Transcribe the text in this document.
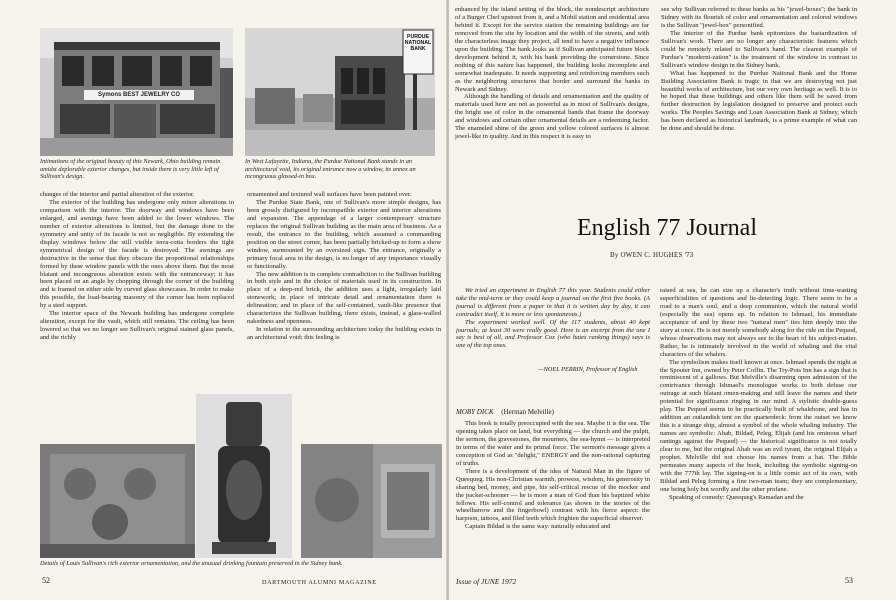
Symons BEST JEWELRY CO
Intimations of the original beauty of this Newark, Ohio building remain amidst deplorable exterior changes, but inside there is very little left of Sullivan's design.
PURDUE NATIONAL BANK
In West Lafayette, Indiana, the Purdue National Bank stands in an architectural void, its original entrance now a window, its annex an incongruous glassed-in box.

changes of the interior and partial alteration of the exterior.

The exterior of the building has undergone only minor alterations in comparison with the interior. The doorway and windows have been enlarged, and awnings have been added to the lower windows. The number of exterior alterations is limited, but the damage done to the symmetry and unity of its facade is not so negligible. By extending the display windows below the still visible terra-cotta borders the tight symmetrical design of the facade is destroyed. The awnings are destructive in the sense that they obscure the proportional relationships formed by these window panels with the ones above them. But the most blatant and incongruous alteration exists with the entranceway; it has been placed on an angle by chopping through the corner of the building and is framed on either side by curved glass showcases. In order to make this possible, the load-bearing masonry of the corner has been replaced by a steel support.

The interior space of the Newark building has undergone complete alteration, except for the vault, which still remains. The ceiling has been lowered so that we no longer see Sullivan's original stained glass panels, and the richly

ornamented and textured wall surfaces have been painted over.

The Purdue State Bank, one of Sullivan's more simple designs, has been grossly disfigured by incompatible exterior and interior alterations and expansion. The appendage of a larger contemporary structure replaces the original Sullivan building as the main area of business. As a result, the entrance to the building, which assumed a commanding position on the street corner, has been partially bricked-up to form a show window, surmounted by an oversized sign. The entrance, originally a primary focal area in the design, is no longer of any importance visually or functionally.

The new addition is in complete contradiction to the Sullivan building in both style and in the choice of materials used in its construction. In place of a deep-red brick, the addition uses a light, irregularly laid stonework; in place of intricate detail and ornamentation there is delineation; and in place of the self-contained, vault-like presence that characterizes the Sullivan building, there exists, instead, a glass-walled nakedness and openness.

In relation to the surrounding architecture today the building exists in an architectural void; this feeling is

Details of Louis Sullivan's rich exterior ornamentation, and the unusual drinking fountain preserved in the Sidney bank.
52	DARTMOUTH ALUMNI MAGAZINE

enhanced by the island setting of the block, the nondescript architecture of a Burger Chef upstreet from it, and a Mobil station and residential area behind it. Except for the service station the remaining buildings are far removed from the site by location and the width of the streets, and with the characterless image they project, all tend to have a negative influence upon the building. The bank looks as if Sullivan anticipated future block development behind it, with his bank providing the cornerstone. Since nothing of this nature has happened, the building looks incomplete and somewhat inadequate. It needs supporting and reinforcing members such as the neighboring structures that border and surround the banks in Newark and Sidney.

Although the handling of details and ornamentation and the quality of materials used here are not as powerful as in most of Sullivan's designs, the bright use of color in the ornamental bands that frame the doorway and windows and certain other ornamental details are a redeeming factor. The enameled shine of the green and yellow colored surfaces is almost jewel-like in quality. And in this respect it is easy to

see why Sullivan referred to these banks as his "jewel-boxes"; the bank in Sidney with its flourish of color and ornamentation and colored windows is the Sullivan "jewel-box" personified.

The interior of the Purdue bank epitomizes the bastardization of Sullivan's work. There are no longer any characteristic features which could be remotely related to Sullivan's hand. The clearest example of Purdue's "moderni-zation" is the treatment of the window in contrast to Sullivan's window design in the Sidney bank.

What has happened to the Purdue National Bank and the Home Building Association Bank is tragic in that we are destroying not just beautiful works of architecture, but our very own heritage as well. It is to be hoped that these buildings and others like them will be saved from further destruction by legislation designed to preserve and protect such works. The Peoples Savings and Loan Association Bank at Sidney, which has been declared as historical landmark, is a prime example of what can be done and should be done.

English 77 Journal
By OWEN C. HUGHES '73

We tried an experiment in English 77 this year. Students could either take the mid-term or they could keep a journal on the first five books. (A journal is different from a paper in that it is written day by day, it can contradict itself, it is more or less spontaneous.)

The experiment worked well. Of the 117 students, about 40 kept journals; at least 30 were really good. Here is an excerpt from the one I say is best of all, and Professor Cox (who hates ranking things) says is one of the top ones.

—NOEL PERRIN, Professor of English
MOBY DICK (Herman Melville)

This book is totally preoccupied with the sea. Maybe it is the sea. The opening takes place on land, but everything — the church and the pulpit, the sermon, the gravestones, the mourners, the sea-hymn — is interpreted in terms of the water and its primal force. The sermon's message gives a conception of God as "delight," ENERGY and the non-rational capturing of truths.

There is a development of the idea of Natural Man in the figure of Queequeg. His non-Christian warmth, prowess, wisdom, his generosity in sharing bed, money, and pipe, his self-critical rescue of the mocker and the packet-schooner — he is more a man of God than his baptized white fellows. His self-control and tolerance (as shown in the stories of the wheelbarrow and the fingerbowl) contrast with his fierce aspect: the harpoon, tattoos, and filed teeth which frighten the superficial observer.

Captain Bildad is the same way: naturally educated and

raised at sea, he can size up a character's truth without time-wasting superficialities of questions and lie-detecting logic. There seem to be a road to a man's soul, and a deep communion, which the natural world (especially the sea) opens up. In relation to Ishmael, his immediate acceptance of and by these two "natural men" ties him deeply into the story at once. He is not merely somebody along for the ride on the Pequod, whose observations may not always see to the heart of his subject-matter. Rather, he is intimately involved in the world of whaling and the vital characters of the whalers.

The symbolism makes itself known at once. Ishmael spends the night at the Spouter Inn, owned by Peter Coffin. The Try-Pots Inn has a sign that is reminiscent of a gallows. But Melville's disarming open admission of the contrivance through Ishmael's monologue works to both defuse our outrage at such blatant omen-making and still leave the names and their potential for significance ringing in our mind. A stylistic double-guess play. The Pequod seems to be practically built of whalebone, and has in addition an outlandish tent on the quarterdeck: from the outset we know this is a strange ship, almost a symbol of the whole whaling industry. The names are symbolic: Ahab, Bildad, Peleg, Elijah (and his ominous wharf rantings against the Pequod) — the historical significance is not totally clear to me, but the original Ahab was an evil tyrant, the original Elijah a prophet. Melville did not choose his names from a hat. The Bible permeates many aspects of the book, including the symbolic signing-on with the 777th lay. The signing-on is a little comic act of its own, with Bildad and Peleg forming a fine two-man team; they are complementary, one being holy but wordly and the other profane.

Speaking of comedy: Queequeg's Ramadan and the

Issue of JUNE 1972	53
